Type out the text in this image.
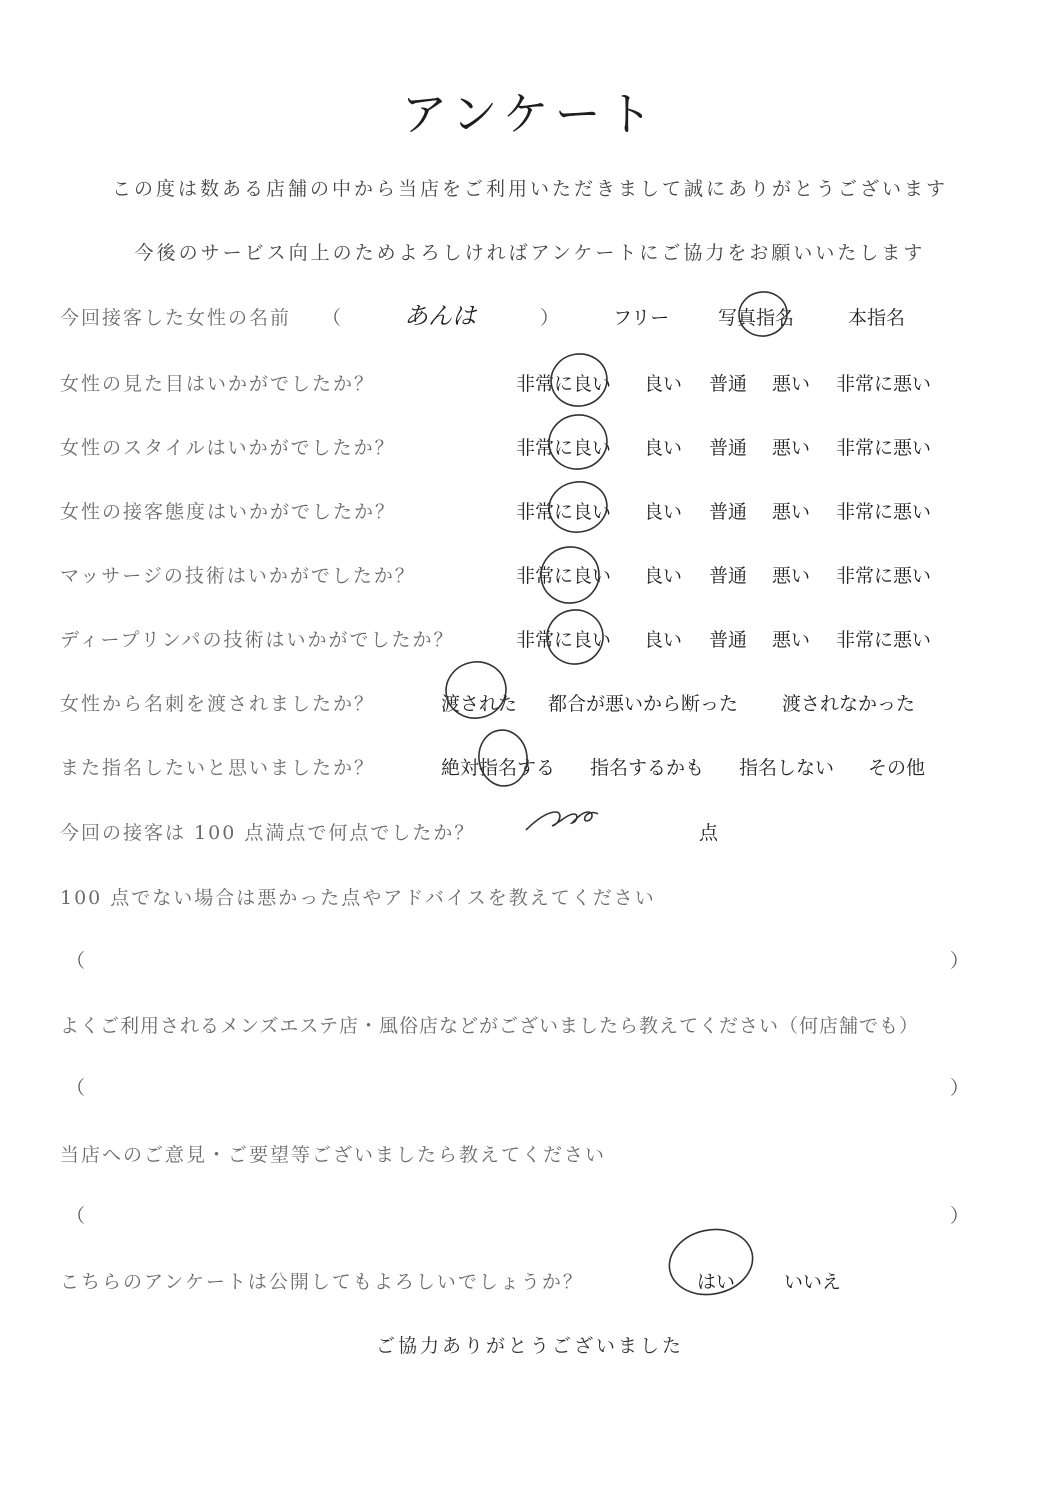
アンケート
この度は数ある店舗の中から当店をご利用いただきまして誠にありがとうございます
今後のサービス向上のためよろしければアンケートにご協力をお願いいたします
今回接客した女性の名前 （	あんは	）	フリー	写真指名	本指名
女性の見た目はいかがでしたか？	非常に良い 良い 普通 悪い 非常に悪い
女性のスタイルはいかがでしたか？	非常に良い 良い 普通 悪い 非常に悪い
女性の接客態度はいかがでしたか？	非常に良い 良い 普通 悪い 非常に悪い
マッサージの技術はいかがでしたか？	非常に良い 良い 普通 悪い 非常に悪い
ディープリンパの技術はいかがでしたか？	非常に良い 良い 普通 悪い 非常に悪い
女性から名刺を渡されましたか？	渡された 都合が悪いから断った 渡されなかった
また指名したいと思いましたか？	絶対指名する 指名するかも 指名しない その他
今回の接客は 100 点満点で何点でしたか？	点
100 点でない場合は悪かった点やアドバイスを教えてください
（	）
よくご利用されるメンズエステ店・風俗店などがございましたら教えてください（何店舗でも）
（	）
当店へのご意見・ご要望等ございましたら教えてください
（	）
こちらのアンケートは公開してもよろしいでしょうか？	はい	いいえ
ご協力ありがとうございました
